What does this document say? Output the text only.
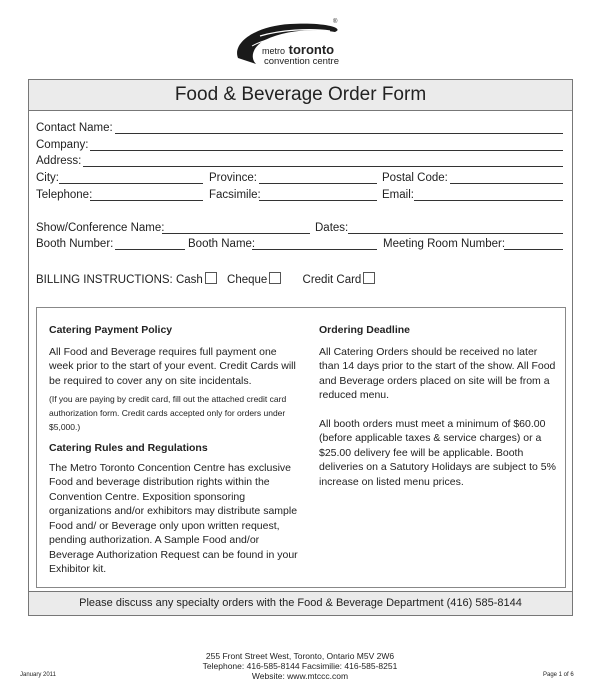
®
metro toronto
convention centre
Food & Beverage Order Form
Contact Name:
Company:
Address:
City:	Province:	Postal Code:
Telephone:	Facsimile:	Email:
Show/Conference Name:	Dates:
Booth Number:	Booth Name:	Meeting Room Number:
BILLING INSTRUCTIONS: Cash Cheque	Credit Card
Catering Payment Policy

All Food and Beverage requires full payment one week prior to the start of your event. Credit Cards will be required to cover any on site incidentals.

(If you are paying by credit card, fill out the attached credit card authorization form. Credit cards accepted only for orders under $5,000.)

Catering Rules and Regulations

The Metro Toronto Concention Centre has exclusive Food and beverage distribution rights within the Convention Centre. Exposition sponsoring organizations and/or exhibitors may distribute sample Food and/ or Beverage only upon written request, pending authorization. A Sample Food and/or Beverage Authorization Request can be found in your Exhibitor kit.

Ordering Deadline

All Catering Orders should be received no later than 14 days prior to the start of the show. All Food and Beverage orders placed on site will be from a reduced menu.

All booth orders must meet a minimum of $60.00 (before applicable taxes & service charges) or a $25.00 delivery fee will be applicable. Booth deliveries on a Satutory Holidays are subject to 5% increase on listed menu prices.

Please discuss any specialty orders with the Food & Beverage Department (416) 585-8144
255 Front Street West, Toronto, Ontario M5V 2W6
Telephone: 416-585-8144 Facsimilie: 416-585-8251
Website: www.mtccc.com
January 2011	Page 1 of 6
